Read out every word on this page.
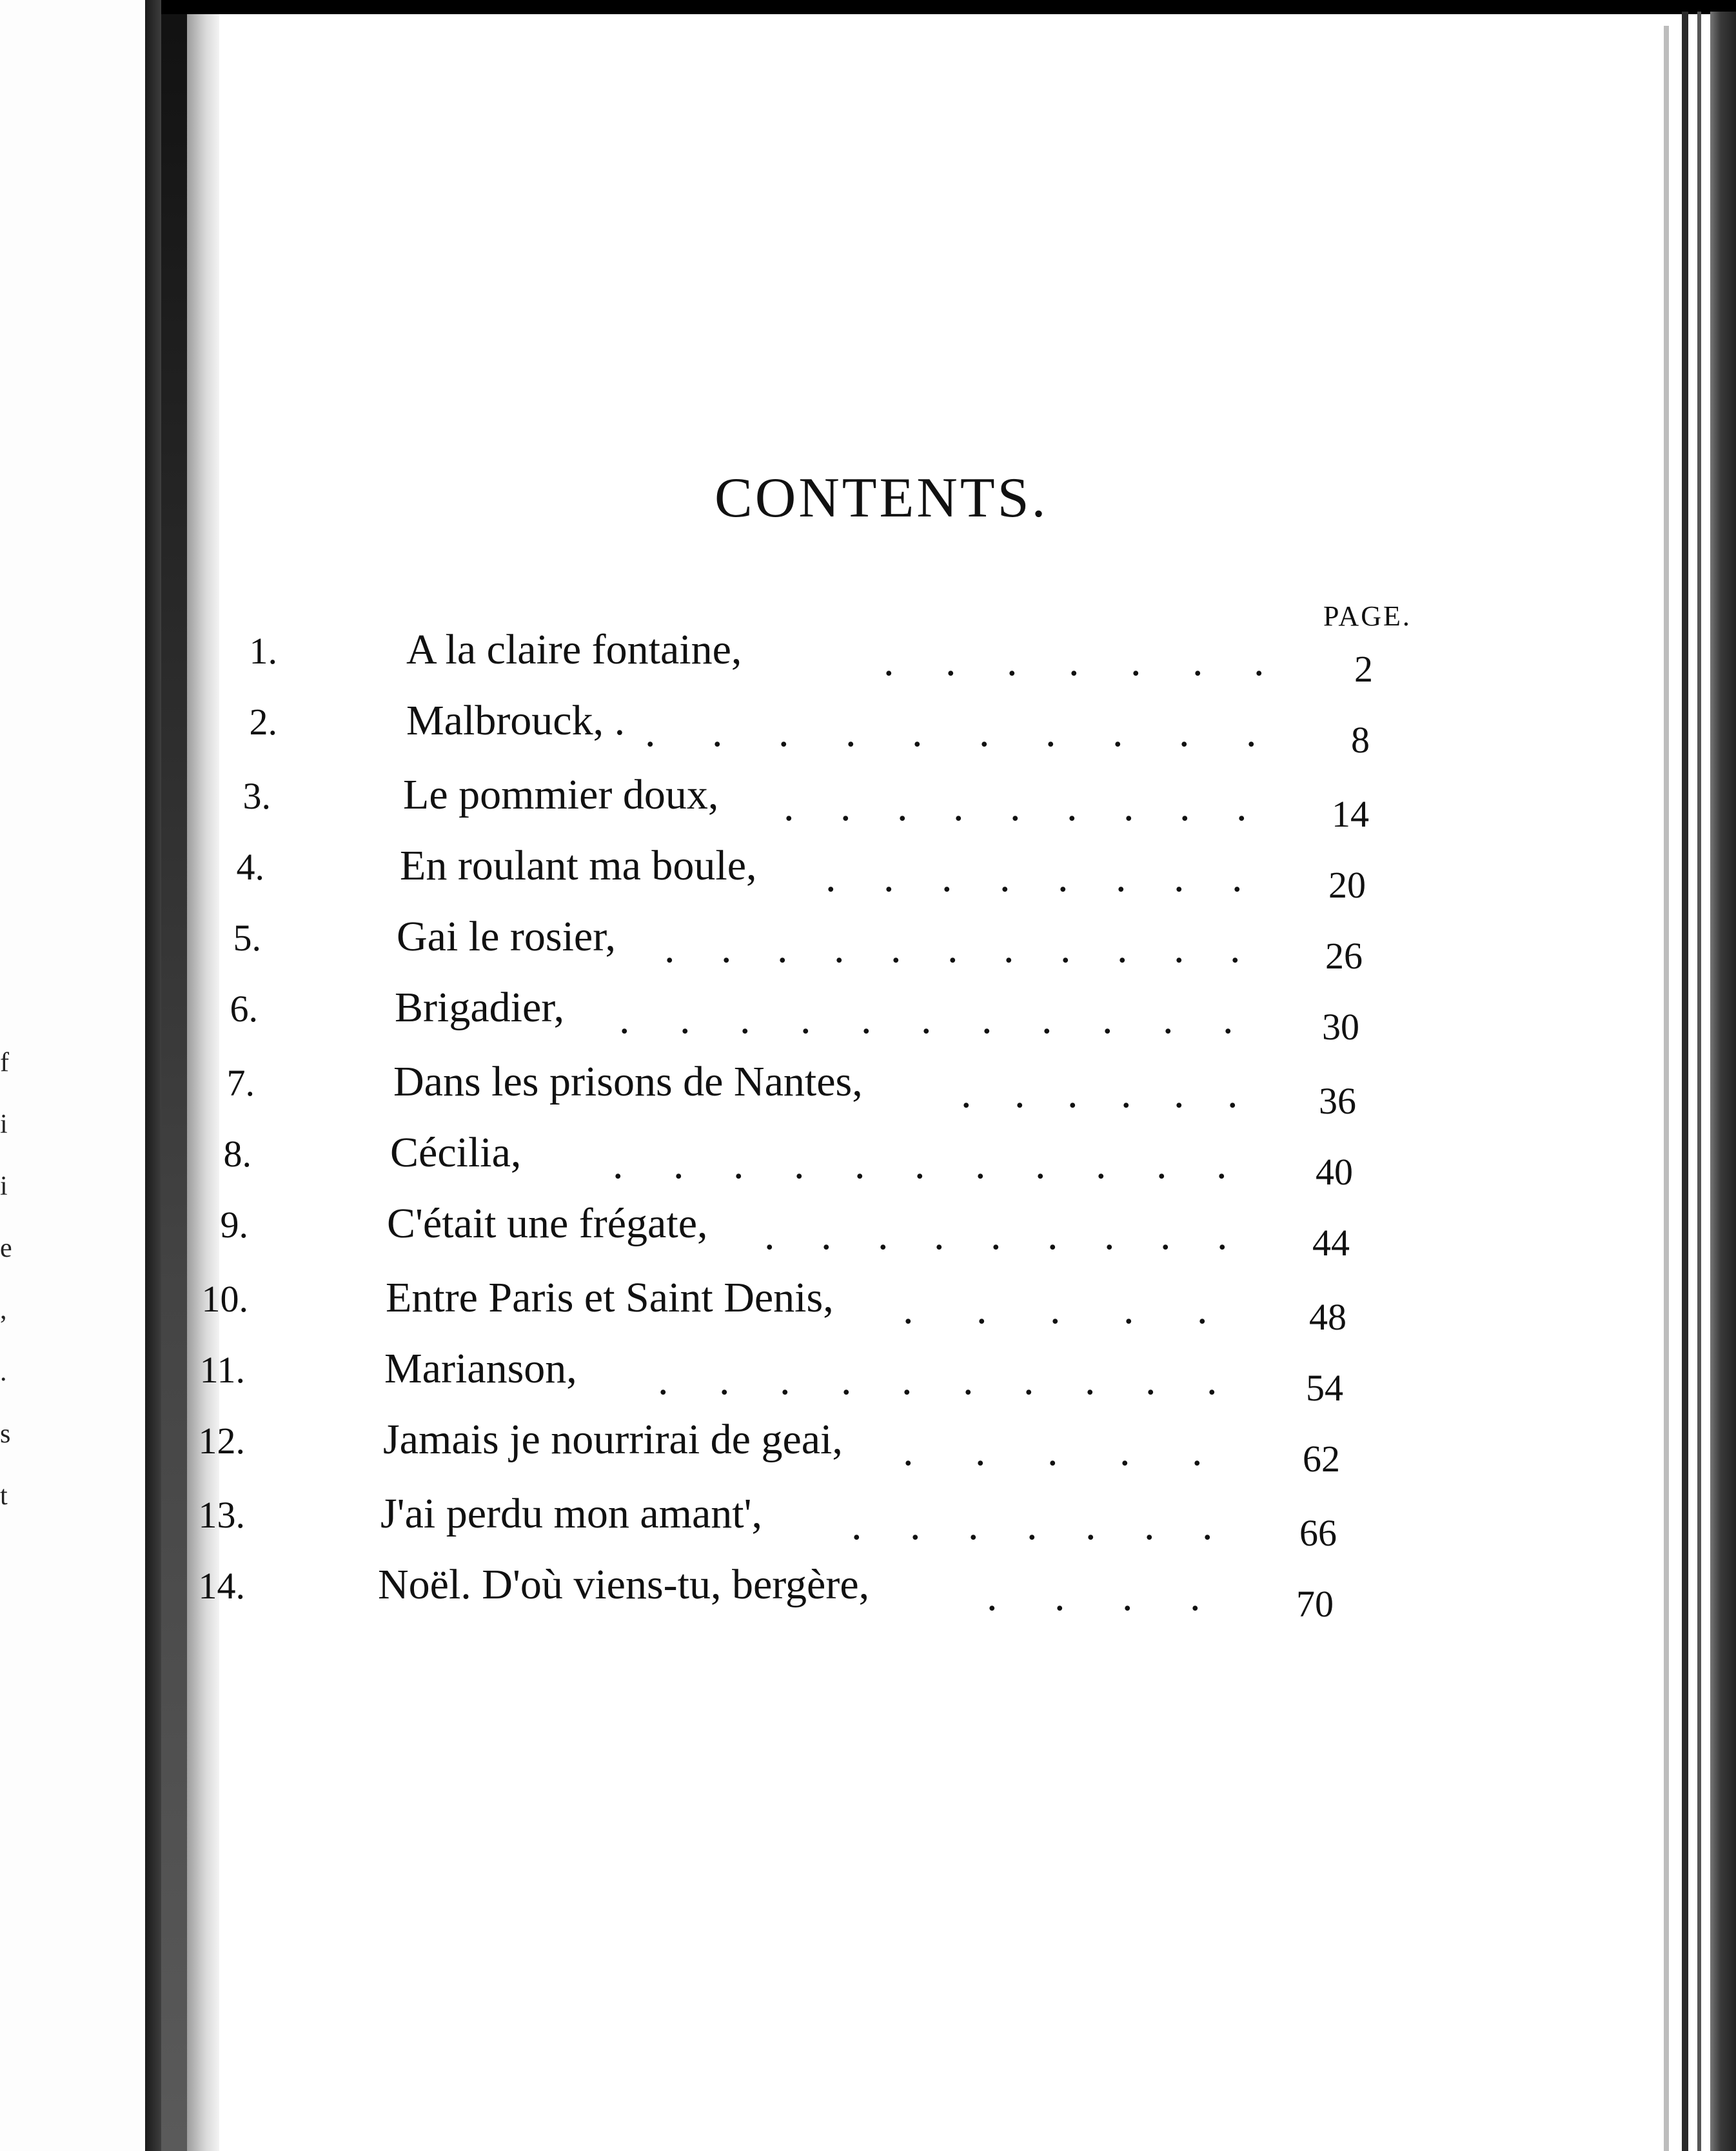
f
i
i
e
,
.
s
t
CONTENTS.
PAGE.
1.	A la claire fontaine,	. . . . . . . 2
2.	Malbrouck, . . . . . . . . . . .	8
3.	Le pommier doux, . . . . . . . . . 14
4.	En roulant ma boule, . . . . . . . . 20
5.	Gai le rosier, . . . . . . . . . . . 26
6.	Brigadier, . . . . . . . . . . . 30
7.	Dans les prisons de Nantes, . . . . . . 36
8.	Cécilia, . . . . . . . . . . . 40
9.	C'était une frégate, . . . . . . . . . 44
10.	Entre Paris et Saint Denis, . . . . .	48
11.	Marianson, . . . . . . . . . . 54
12.	Jamais je nourrirai de geai, . . . . .	62
13.	J'ai perdu mon amant', . . . . . . . 66
14.	Noël. D'où viens-tu, bergère,	. . . .	70
